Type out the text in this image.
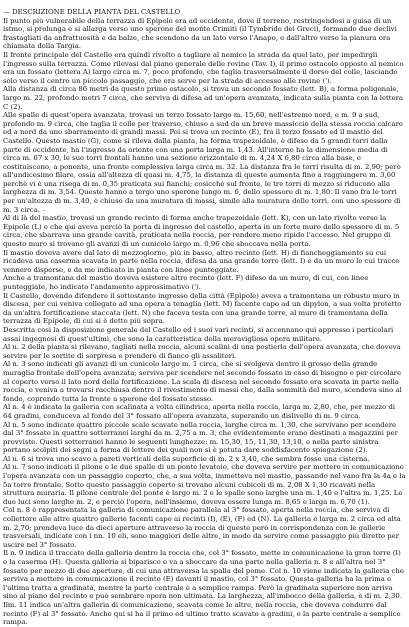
— DESCRIZIONE DELLA PIANTA DEL CASTELLO

Il punto più vulnerabile della terrazza di Epipole era ad occidente, dove il terreno, restringendosi a guisa di un istmo, si prolunga e si allarga verso uno sperone del monte Crimiti (il Tymbride dei Greci), formando due declivi frastagliati da anfrattuosità e da balze, che scendono da un lato verso l'Anapo, e dall'altro verso la pianura ora chiamata della Targia.

Il fronte principale del Castello era quindi rivolto a tagliare al nemico la strada da quel lato, per impedirgli l'ingresso sulla terrazza. Come rilevasi dal piano generale delle rovine (Tav. I), il primo ostacolo opposto al nemico era un fossato (lettera A) largo circa m. 7, poco profondo, che taglia trasversalmente il dorso del colle, lasciando solo verso il centro un piccolo passaggio, che era serve per la strada di accesso alle rovine (').

Alla distanza di circa 86 metri da questo primo ostacolo, si trova un secondo fossato (lett. B), a forma poligonale, largo m. 22, profondo metri 7 circa, che serviva di difesa ad un'opera avanzata, indicata sulla pianta con la lettera C (2).

Alle spalle di quest'opera avanzata, trovasi un terzo fossato largo m. 15,60, nell'estremo nord, e m. 9 a sud, profondo m. 9 circa, che taglia il colle per traverso, chiuso a sud da un breve massiccio della stessa roccia calcare ed a nord da uno sbarramento di grandi massi. Poi si trova un recinto (E), fra il terzo fossato ed il mastio del Castello. Questo mastio (G), come si rileva dalla pianta, ha forma trapezoidale, è difeso da 5 grandi torri dalla parte di occidente, ha l'ingresso da oriente con una porta larga m. 1,43. All'interno ha la dimensione media di circa m. 67 x 30, le sue torri frontali hanno una sezione orizzontale di m. 4,24 X 6,80 circa alla base, e costituiscono, a ponente, una fronte complessiva larga circa m. 32. La distanza fra le torri risulta di m. 2,90; però all'undicesimo filare, ossia all'altezza di quasi m. 4,75, la distanza di queste aumenta fino a raggiungere m. 3,60 perchè vi è una risega di m. 0,35 praticata sui fianchi; cosicchè sul fronte, le tre torri di mezzo si riducono alla larghezza di m. 3,54. Queste hanno a tergo uno sperone lungo m. 6, dello spessore di m. 1,80. Il vano fra le torri per un'altezza di m. 3,40, è chiuso da una muratura di massi, simile alla muratura delle torri, con uno spessore di m. 3 circa. -

Al di là del mastio, trovasi un grande recinto di forma anche trapezoidale (lett. K), con un lato rivolto verso la Epipole (L) e che qui aveva perciò la porta di ingresso del castello, aperta in un forte muro dello spessore di m. 5 circa, che sbarrava una grande cavità, praticata nella roccia, per rendere meno ripido l'accesso. Nel gruppo di questo muro si trovano gli avanzi di un cunicolo largo m. 0,96 che sboccava nella porta.

Il mastio doveva avere dal lato di mezzogiorno, più in basso, altro recinto (lett. H) di fiancheggiamento su cui ricadeva una caserma scavata in parte nella roccia, difesa da una grande torre (lett. I) e da un muro le cui tracce vennero disperse, e da me indicato in pianta con linee punteggiate.

Anche a tramontana del mastio doveva esistere altro recinto (lett. F) difeso da un muro, di cui, con linee punteggiate, ho indicato l'andamento approssimativo (').

Il Castello, dovendo difendere il sottostante ingresso della città (Epipole) aveva a tramontana un robusto muro in discesa, per cui veniva collegato ad una opera a tenaglia (lett. M) facente capo ad un dipylon, a sua volta protetto da un'altra fortificazione staccata (lett. N) che faceva testa con una grande torre, al muro di tramontana della terrazza di Epipole, di cui si è detto più sopra.

Descritta così la disposizione generale del Castello ed i suoi vari recinti, si accennano qui appresso i particolari assai ingegnosi di quest'ultimi, che sono la caratteristica della meravigliosa opera militare.

Al n. 2 della pianta si rilevano, tagliati nella roccia, alcuni scalini di una postierla dell'opera avanzata, che doveva servire per le sortite di sorpresa e prendere di fianco gli assalitori.

Al n. 3 sono indicati gli avanzi di un cunicolo largo m. 1 circa, che si svolgeva dentro il grosso della grande muraglia frontale dell'opera avanzata; serviva per scendere nel secondo fossato in caso di bisogno e per circolare al coperto verso il lato nord della fortificazione. La scala di discesa nel secondo fossato era scavata in parte nella roccia, e veniva a trovarsi racchiusa dentro il rivestimento di massi che, dalla sommità del muro, scendeva sino al fondo, coprendo tutta la fronte a sperone del fossato stesso.

Al n. 4 è indicata la galleria con scalinata a volta cilindrica, aperta nella roccia, larga m. 2,80, che, per mezzo di 64 gradini, conduceva al fondo del 3° fossato all'opera avanzata, superando un dislivello di m. 9 circa.

Al n. 5 sono indicate quattro piccole scale scavate nella roccia, larghe circa m. 1,30, che servivano per scendere dal 3° fossato in quattro sotterranei larghi da m. 2,75 a m. 3, che evidentemente erano destinati a magazzini per provviste. Questi sotterranei hanno le seguenti lunghezze: m. 15,30, 15, 11,30, 13,10, e nella parte sinistra portano scolpiti dei segni a forma di lettere dei quali non si è potuta dare soddisfacente spiegazione (2).

Al n. 6 si trova uno scavo a pareti verticali della superficie di m. 2 x 3,40, che sembra fosse una cisterna.

Al n. 7 sono indicati il pilone e le due spalle di un ponte levatoio, che doveva servire per mettere in comunicazione l'opera avanzata con un passaggio coperto, che, a sua volta, immetteva nel mastio, passando nel vano fra la 4a e la 5a torre frontale. Sotto questo passaggio coperto si trovano alcuni cubicoli di m. 2,08 X 1,30 ricavati nella struttura muraria. Il pilone centrale del ponte è largo m. 2 e le spalle sono larghe una m. 1,40 e l'altra m. 1,25. Le due luci sono larghe m. 2, e perciò l'opera, nell'insieme, doveva essere lunga m. 8,65 e larga m. 6,70 (1).

Col n. 8 è rappresentata la galleria di comunicazione parallela al 3° fossato, aperta nella roccia, che serviva di collettore alle altre quattro gallerie facenti capo ai recinti (I), (E), (F) ed (N). La galleria è larga m. 2 circa ed alta m. 2,70; prendeva luce da dieci aperture attraverso la roccia di queste però in corrispondenza con le gallerie trasversali, indicate con i nn. 10 eli, sono maggiori delle altre, in modo da servire come passaggio più diretto per uscire nel 3° fossato.

Il n. 9 indica il traccato della galleria dentro la roccia che, col 3° fossato, mette in comunicazione la gran torre (I) e la caserma (H). Questa galleria si biparisce e va a sboccare da una parte nella galleria n. 8 e all'altra nel 3° fossato per mezzo di due aperture, di cui una attraversa la spalla del pome. Col n. 10 viene indicata la galleria che serviva a mettere in comunicazione il recinto (E) davanti il mastio, col 3° fossato. Questa galleria ha la prima e l'ultima tratta a gradinata, mentre la parte centrale è a semplice rampa. Però la gradinata superiore non arriva sino al piano del recinto e può sembrare opera non ultimata. La larghezza, all'imbocco della galleria, è di m. 2,30.

Ilm. 11 indica un'altra galleria di comunicazione, scavata come le altre, nella roccia, che doveva condurre dal recinto (F) al 3° fossato. Anche qui si ha il primo ed ultimo tratto scavato a gradini, e la parte centrale a semplice rampa.
